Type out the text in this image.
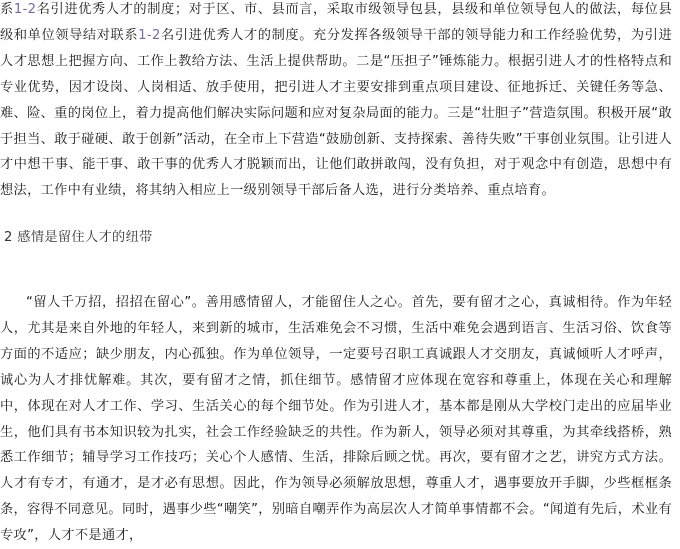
系1-2名引进优秀人才的制度；对于区、市、县而言，采取市级领导包县，县级和单位领导包人的做法，每位县级和单位领导结对联系1-2名引进优秀人才的制度。充分发挥各级领导干部的领导能力和工作经验优势，为引进人才思想上把握方向、工作上教给方法、生活上提供帮助。二是“压担子”锤炼能力。根据引进人才的性格特点和专业优势，因才设岗、人岗相适、放手使用，把引进人才主要安排到重点项目建设、征地拆迁、关键任务等急、难、险、重的岗位上，着力提高他们解决实际问题和应对复杂局面的能力。三是“壮胆子”营造氛围。积极开展“敢于担当、敢于碰硬、敢于创新”活动，在全市上下营造“鼓励创新、支持探索、善待失败”干事创业氛围。让引进人才中想干事、能干事、敢干事的优秀人才脱颖而出，让他们敢拼敢闯，没有负担，对于观念中有创造，思想中有想法，工作中有业绩，将其纳入相应上一级别领导干部后备人选，进行分类培养、重点培育。

2 感情是留住人才的纽带

“留人千万招，招招在留心”。善用感情留人，才能留住人之心。首先，要有留才之心，真诚相待。作为年轻人，尤其是来自外地的年轻人，来到新的城市，生活难免会不习惯，生活中难免会遇到语言、生活习俗、饮食等方面的不适应；缺少朋友，内心孤独。作为单位领导，一定要号召职工真诚跟人才交朋友，真诚倾听人才呼声，诚心为人才排忧解难。其次，要有留才之情，抓住细节。感情留才应体现在宽容和尊重上，体现在关心和理解中，体现在对人才工作、学习、生活关心的每个细节处。作为引进人才，基本都是刚从大学校门走出的应届毕业生，他们具有书本知识较为扎实，社会工作经验缺乏的共性。作为新人，领导必须对其尊重，为其牵线搭桥，熟悉工作细节；辅导学习工作技巧；关心个人感情、生活，排除后顾之忧。再次，要有留才之艺，讲究方式方法。人才有专才，有通才，是才必有思想。因此，作为领导必须解放思想，尊重人才，遇事要放开手脚，少些框框条条，容得不同意见。同时，遇事少些“嘲笑”，别暗自嘲弄作为高层次人才简单事情都不会。“闻道有先后，术业有专攻”，人才不是通才，
